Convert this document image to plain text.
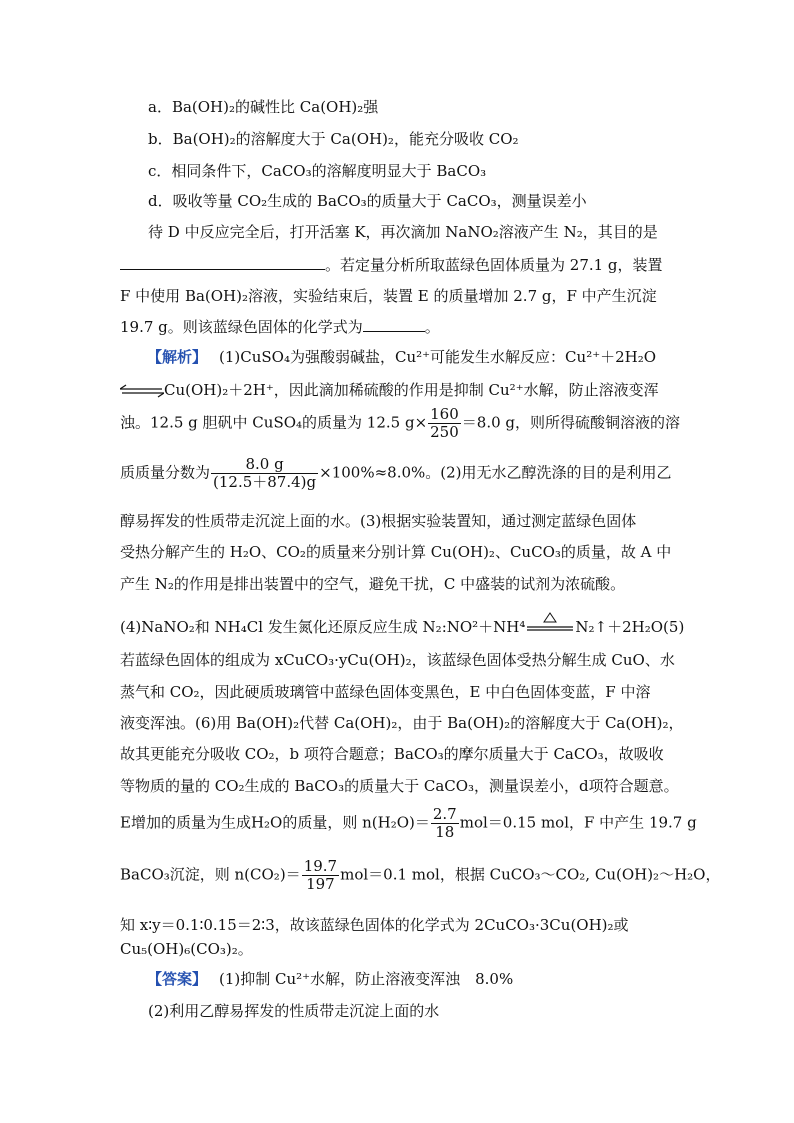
a．Ba(OH)₂的碱性比 Ca(OH)₂强
b．Ba(OH)₂的溶解度大于 Ca(OH)₂，能充分吸收 CO₂
c．相同条件下，CaCO₃的溶解度明显大于 BaCO₃
d．吸收等量 CO₂生成的 BaCO₃的质量大于 CaCO₃，测量误差小
待 D 中反应完全后，打开活塞 K，再次滴加 NaNO₂溶液产生 N₂，其目的是
。若定量分析所取蓝绿色固体质量为 27.1 g，装置
F 中使用 Ba(OH)₂溶液，实验结束后，装置 E 的质量增加 2.7 g，F 中产生沉淀
19.7 g。则该蓝绿色固体的化学式为	。
【解析】 (1)CuSO₄为强酸弱碱盐，Cu²⁺可能发生水解反应：Cu²⁺＋2H₂O
⇌Cu(OH)₂＋2H⁺，因此滴加稀硫酸的作用是抑制 Cu²⁺水解，防止溶液变浑
浊。12.5 g 胆矾中 CuSO₄的质量为 12.5 $g\times \frac{160}{250} =8.0$ g，则所得硫酸铜溶液的溶
质质量分数为 $\frac{8.0 g}{(12.5+87.4)g} \times 100\%\approx 8.0\%$。(2)用无水乙醇洗涤的目的是利用乙
醇易挥发的性质带走沉淀上面的水。(3)根据实验装置知，通过测定蓝绿色固体
受热分解产生的 H₂O、CO₂的质量来分别计算 Cu(OH)₂、CuCO₃的质量，故 A 中
产生 N₂的作用是排出装置中的空气，避免干扰，C 中盛装的试剂为浓硫酸。
(4)NaNO₂和 NH₄Cl 发生氮化还原反应生成 N₂:NO²＋NH⁴	N₂↑＋2H₂O(5)
若蓝绿色固体的组成为 xCuCO₃·yCu(OH)₂，该蓝绿色固体受热分解生成 CuO、水
蒸气和 CO₂，因此硬质玻璃管中蓝绿色固体变黑色，E 中白色固体变蓝，F 中溶
液变浑浊。(6)用 Ba(OH)₂代替 Ca(OH)₂，由于 Ba(OH)₂的溶解度大于 Ca(OH)₂，
故其更能充分吸收 CO₂，b 项符合题意；BaCO₃的摩尔质量大于 CaCO₃，故吸收
等物质的量的 CO₂生成的 BaCO₃的质量大于 CaCO₃，测量误差小，d项符合题意。
E增加的质量为生成H₂O的质量，则 $n(H_2O)= \frac{2.7}{18} mol=0.15$ mol，F 中产生 19.7 g
BaCO₃沉淀，则 $n(CO_2)= \frac{19.7}{197} mol=0.1$ mol，根据 CuCO₃～CO₂, Cu(OH)₂～H₂O，
知 x∶y＝0.1∶0.15＝2∶3，故该蓝绿色固体的化学式为 2CuCO₃·3Cu(OH)₂或
Cu₅(OH)₆(CO₃)₂。
【答案】 (1)抑制 Cu²⁺水解，防止溶液变浑浊　8.0%
(2)利用乙醇易挥发的性质带走沉淀上面的水
